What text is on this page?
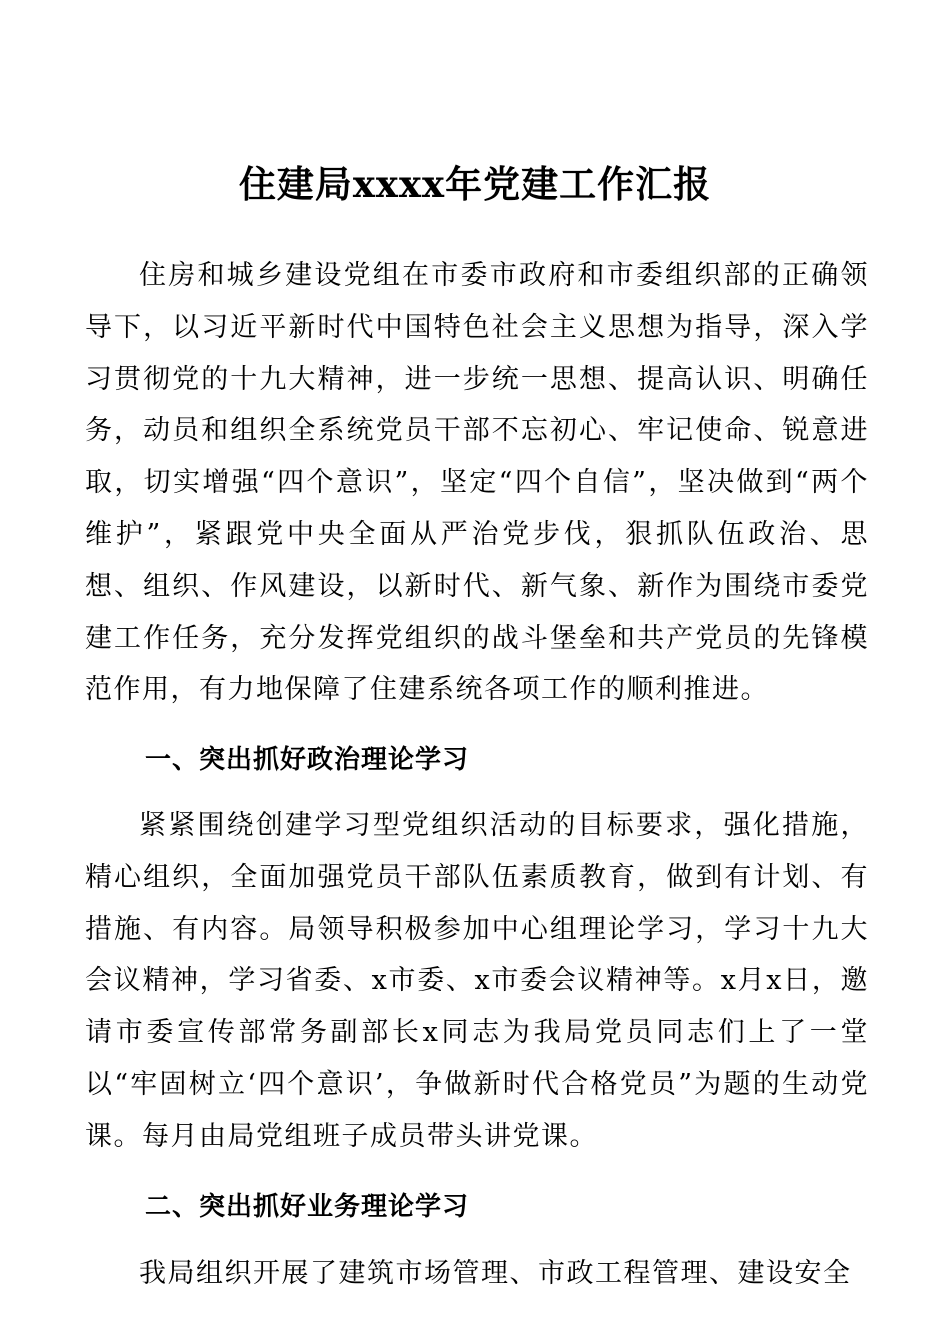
住建局xxxx年党建工作汇报

住房和城乡建设党组在市委市政府和市委组织部的正确领导下，以习近平新时代中国特色社会主义思想为指导，深入学习贯彻党的十九大精神，进一步统一思想、提高认识、明确任务，动员和组织全系统党员干部不忘初心、牢记使命、锐意进取，切实增强“四个意识”，坚定“四个自信”，坚决做到“两个维护”，紧跟党中央全面从严治党步伐，狠抓队伍政治、思想、组织、作风建设，以新时代、新气象、新作为围绕市委党建工作任务，充分发挥党组织的战斗堡垒和共产党员的先锋模范作用，有力地保障了住建系统各项工作的顺利推进。

一、突出抓好政治理论学习

紧紧围绕创建学习型党组织活动的目标要求，强化措施，精心组织，全面加强党员干部队伍素质教育，做到有计划、有措施、有内容。局领导积极参加中心组理论学习，学习十九大会议精神，学习省委、x市委、x市委会议精神等。x月x日，邀请市委宣传部常务副部长x同志为我局党员同志们上了一堂以“牢固树立‘四个意识’，争做新时代合格党员”为题的生动党课。每月由局党组班子成员带头讲党课。

二、突出抓好业务理论学习

我局组织开展了建筑市场管理、市政工程管理、建设安全
